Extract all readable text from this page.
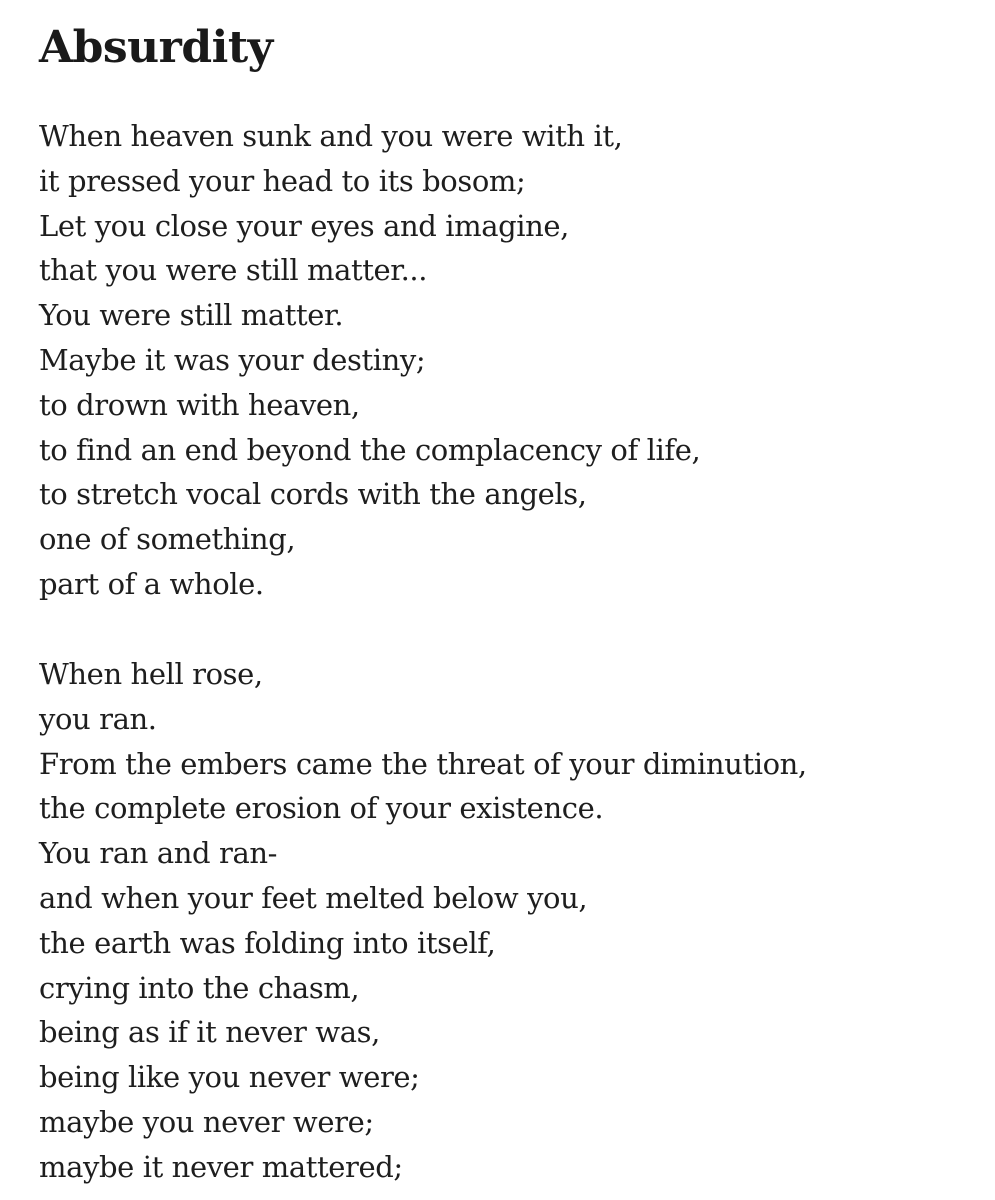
Absurdity
When heaven sunk and you were with it,
it pressed your head to its bosom;
Let you close your eyes and imagine,
that you were still matter...
You were still matter.
Maybe it was your destiny;
to drown with heaven,
to find an end beyond the complacency of life,
to stretch vocal cords with the angels,
one of something,
part of a whole.
When hell rose,
you ran.
From the embers came the threat of your diminution,
the complete erosion of your existence.
You ran and ran-
and when your feet melted below you,
the earth was folding into itself,
crying into the chasm,
being as if it never was,
being like you never were;
maybe you never were;
maybe it never mattered;
